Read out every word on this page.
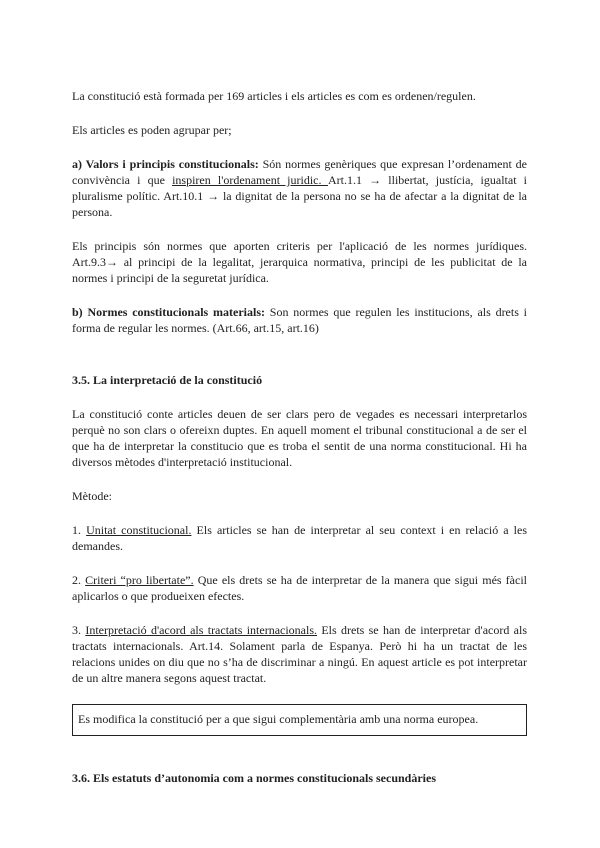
La constitució està formada per 169 articles i els articles es com es ordenen/regulen.

Els articles es poden agrupar per;

a) Valors i principis constitucionals: Són normes genèriques que expresan l’ordenament de convivència i que inspiren l'ordenament juridic. Art.1.1 → llibertat, justícia, igualtat i pluralisme polític. Art.10.1 → la dignitat de la persona no se ha de afectar a la dignitat de la persona.

Els principis són normes que aporten criteris per l'aplicació de les normes jurídiques. Art.9.3→ al principi de la legalitat, jerarquica normativa, principi de les publicitat de la normes i principi de la seguretat jurídica.

b) Normes constitucionals materials: Son normes que regulen les institucions, als drets i forma de regular les normes. (Art.66, art.15, art.16)

3.5. La interpretació de la constitució

La constitució conte articles deuen de ser clars pero de vegades es necessari interpretarlos perquè no son clars o ofereixn duptes. En aquell moment el tribunal constitucional a de ser el que ha de interpretar la constitucio que es troba el sentit de una norma constitucional. Hi ha diversos mètodes d'interpretació institucional.

Mètode:

1. Unitat constitucional. Els articles se han de interpretar al seu context i en relació a les demandes.

2. Criteri “pro libertate”. Que els drets se ha de interpretar de la manera que sigui més fàcil aplicarlos o que produeixen efectes.

3. Interpretació d'acord als tractats internacionals. Els drets se han de interpretar d'acord als tractats internacionals. Art.14. Solament parla de Espanya. Però hi ha un tractat de les relacions unides on diu que no s’ha de discriminar a ningú. En aquest article es pot interpretar de un altre manera segons aquest tractat.

Es modifica la constitució per a que sigui complementària amb una norma europea.
3.6. Els estatuts d’autonomia com a normes constitucionals secundàries
